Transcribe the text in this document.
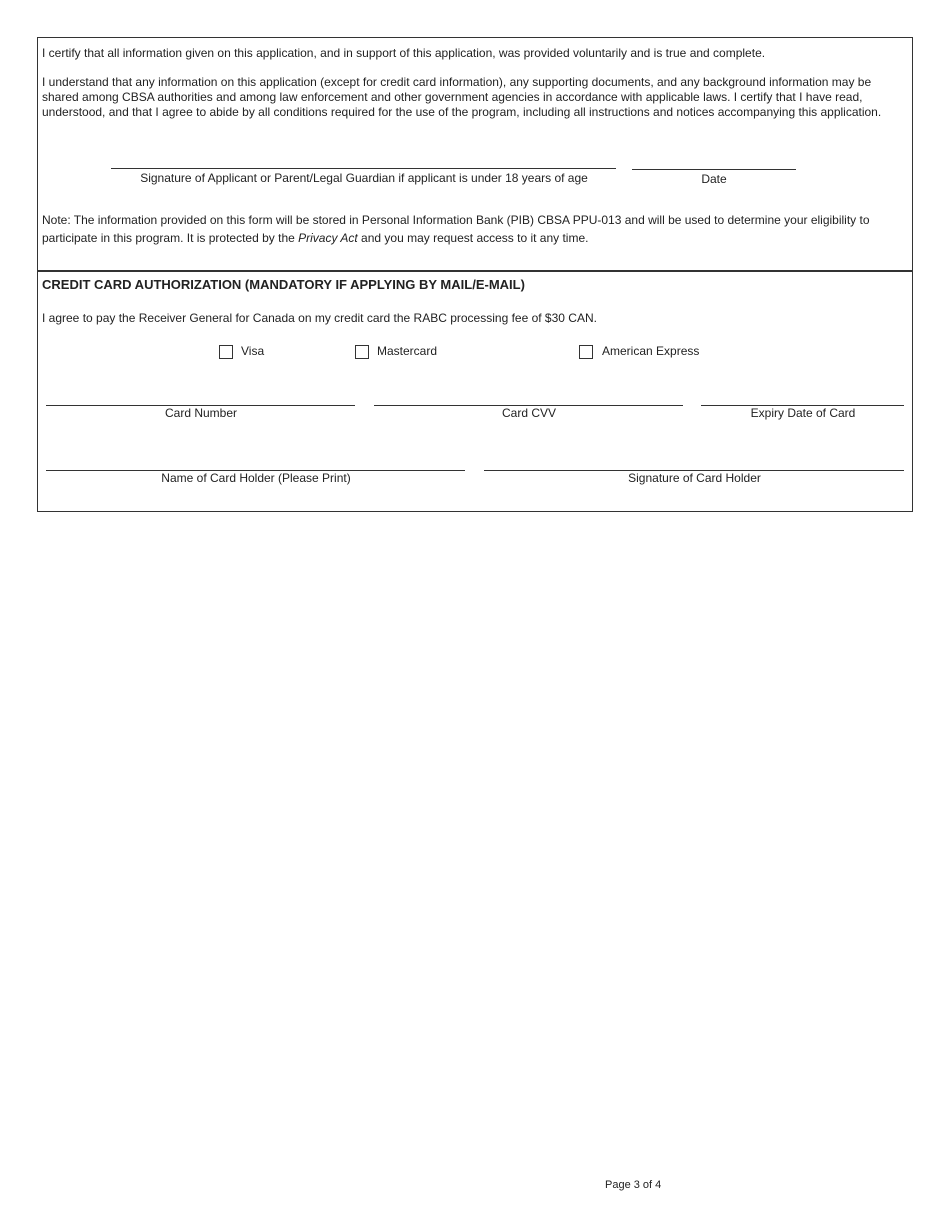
I certify that all information given on this application, and in support of this application, was provided voluntarily and is true and complete.
I understand that any information on this application (except for credit card information), any supporting documents, and any background information may be shared among CBSA authorities and among law enforcement and other government agencies in accordance with applicable laws. I certify that I have read, understood, and that I agree to abide by all conditions required for the use of the program, including all instructions and notices accompanying this application.
Signature of Applicant or Parent/Legal Guardian if applicant is under 18 years of age	Date
Note: The information provided on this form will be stored in Personal Information Bank (PIB) CBSA PPU-013 and will be used to determine your eligibility to participate in this program. It is protected by the Privacy Act and you may request access to it any time.
CREDIT CARD AUTHORIZATION (MANDATORY IF APPLYING BY MAIL/E-MAIL)
I agree to pay the Receiver General for Canada on my credit card the RABC processing fee of $30 CAN.
Visa	Mastercard	American Express
Card Number	Card CVV	Expiry Date of Card
Name of Card Holder (Please Print)	Signature of Card Holder
Page 3 of 4
